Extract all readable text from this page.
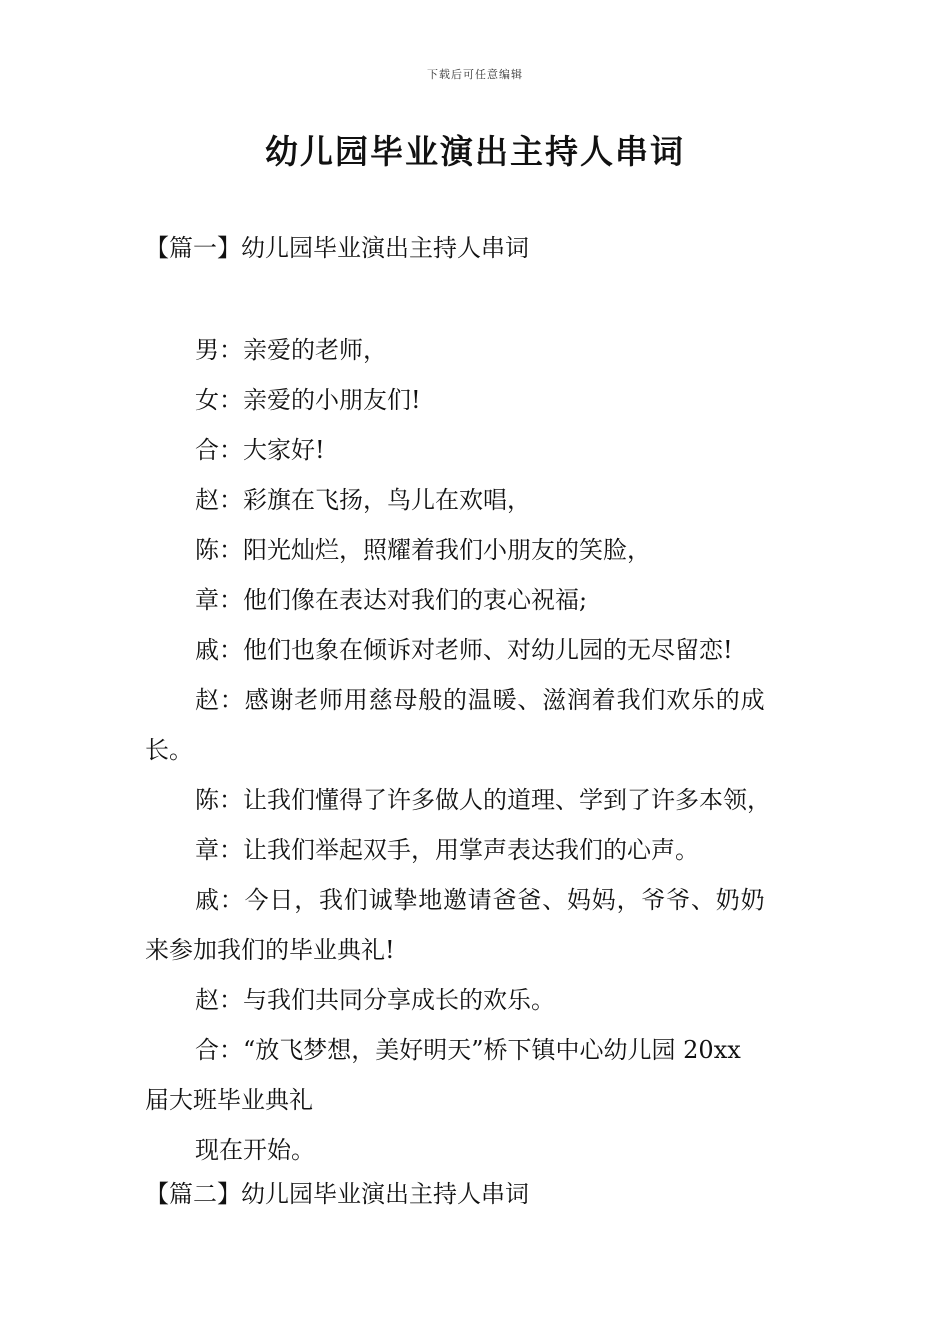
下载后可任意编辑
幼儿园毕业演出主持人串词
【篇一】幼儿园毕业演出主持人串词
男：亲爱的老师，
女：亲爱的小朋友们!
合：大家好!
赵：彩旗在飞扬，鸟儿在欢唱，
陈：阳光灿烂，照耀着我们小朋友的笑脸，
章：他们像在表达对我们的衷心祝福;
戚：他们也象在倾诉对老师、对幼儿园的无尽留恋!
赵：感谢老师用慈母般的温暖、滋润着我们欢乐的成
长。
陈：让我们懂得了许多做人的道理、学到了许多本领，
章：让我们举起双手，用掌声表达我们的心声。
戚：今日，我们诚挚地邀请爸爸、妈妈，爷爷、奶奶
来参加我们的毕业典礼!
赵：与我们共同分享成长的欢乐。
合：“放飞梦想，美好明天”桥下镇中心幼儿园 20xx
届大班毕业典礼
现在开始。
【篇二】幼儿园毕业演出主持人串词
